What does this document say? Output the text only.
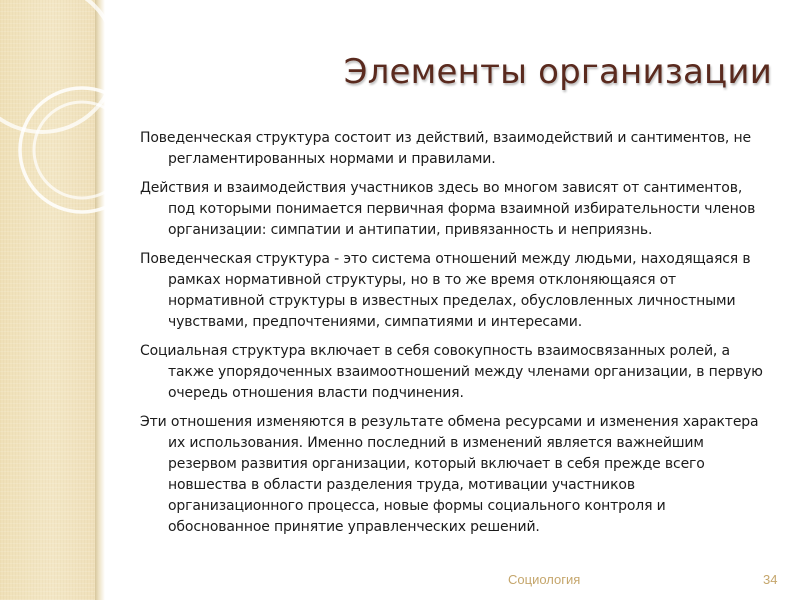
Элементы организации

Поведенческая структура состоит из действий, взаимодействий и сантиментов, не регламентированных нормами и правилами.

Действия и взаимодействия участников здесь во многом зависят от сантиментов, под которыми понимается первичная форма взаимной избирательности членов организации: симпатии и антипатии, привязанность и неприязнь.

Поведенческая структура - это система отношений между людьми, находящаяся в рамках нормативной структуры, но в то же время отклоняющаяся от нормативной структуры в известных пределах, обусловленных личностными чувствами, предпочтениями, симпатиями и интересами.

Социальная структура включает в себя совокупность взаимосвязанных ролей, а также упорядоченных взаимоотношений между членами организации, в первую очередь отношения власти подчинения.

Эти отношения изменяются в результате обмена ресурсами и изменения характера их использования. Именно последний в изменений является важнейшим резервом развития организации, который включает в себя прежде всего новшества в области разделения труда, мотивации участников организационного процесса, новые формы социального контроля и обоснованное принятие управленческих решений.

Социология	34
